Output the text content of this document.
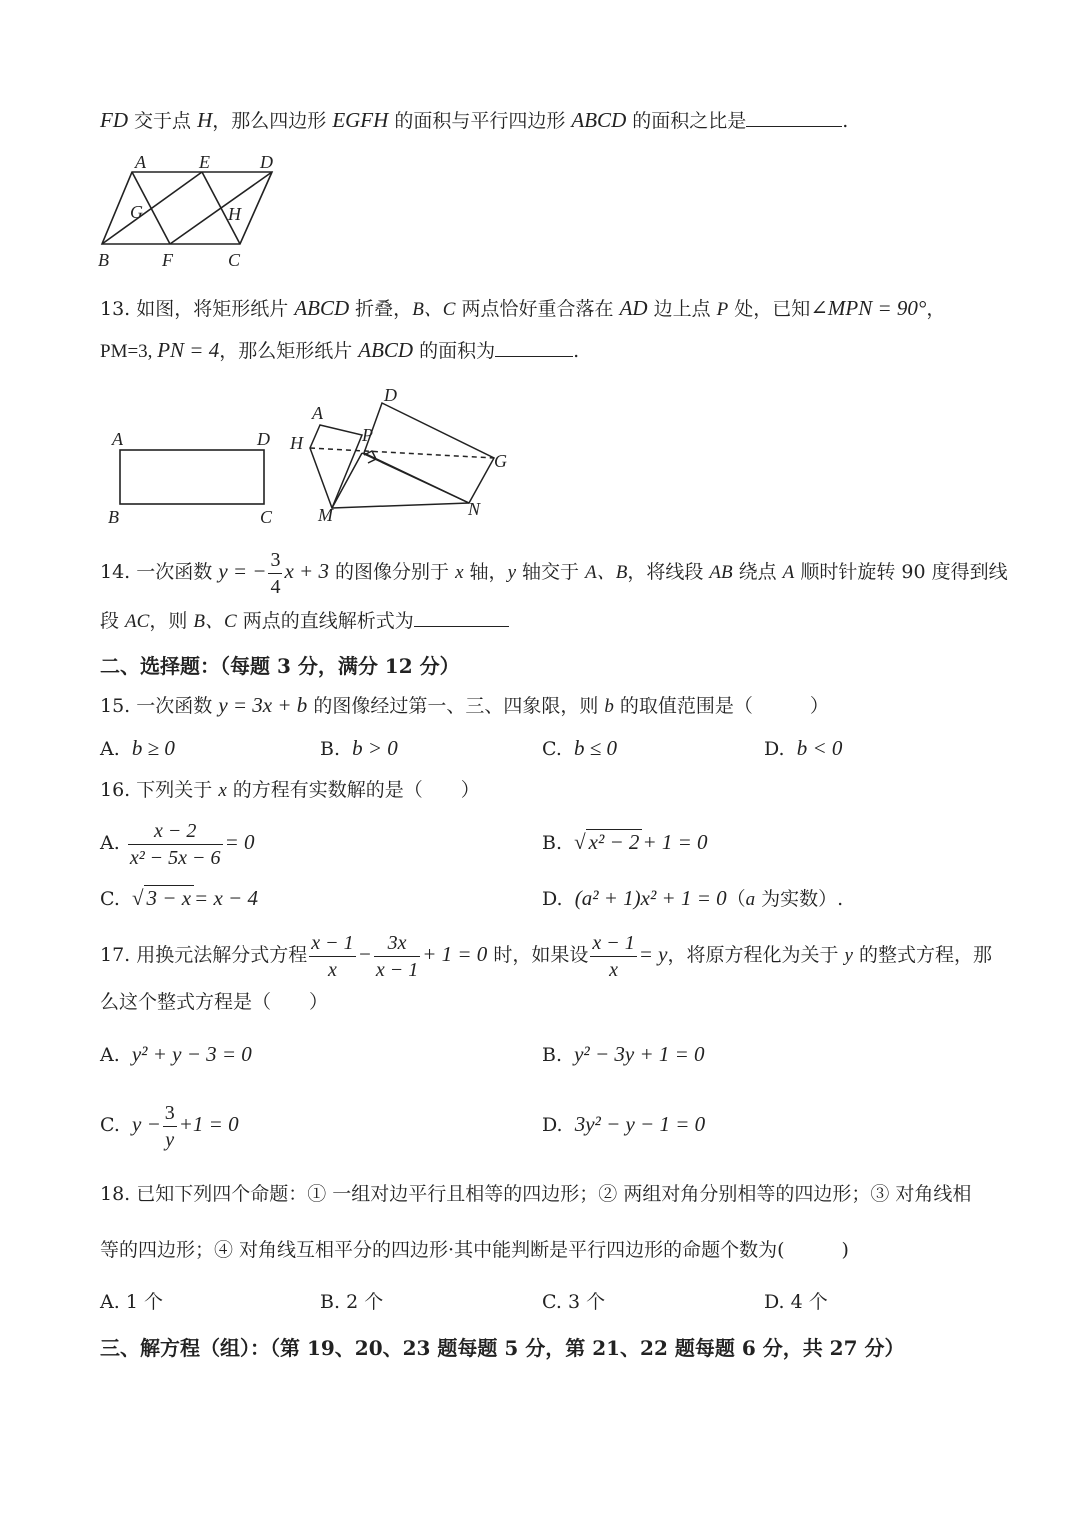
FD 交于点 H，那么四边形 EGFH 的面积与平行四边形 ABCD 的面积之比是	.
A	E	D
G	H
B	F	C
13. 如图，将矩形纸片 ABCD 折叠，B、C 两点恰好重合落在 AD 边上点 P 处，已知∠MPN = 90°，
PM=3, PN = 4，那么矩形纸片 ABCD 的面积为	.
A	D
B	C
D
A
P
H
G
M	N
14. 一次函数 y = − $\frac{3}{4}$ x + 3 的图像分别于 x 轴，y 轴交于 A、B，将线段 AB 绕点 A 顺时针旋转 90 度得到线
段 AC，则 B、C 两点的直线解析式为
二、选择题：（每题 3 分，满分 12 分）
15. 一次函数 y = 3x + b 的图像经过第一、三、四象限，则 b 的取值范围是（　　　）
A. b ≥ 0	B. b > 0	C. b ≤ 0	D. b < 0
16. 下列关于 x 的方程有实数解的是（　　）
A. $\frac{x - 2}{\text{x² − 5x − 6}} = 0$	B. √ x² − 2 + 1 = 0
C. √ 3 − x = x − 4	D. (a² + 1)x² + 1 = 0（a 为实数）.
17. 用换元法解分式方程 $\frac{x - 1}{x} - \frac{3x}{x - 1} + 1 = 0$ 时，如果设 $\frac{x - 1}{x} = y$，将原方程化为关于 y 的整式方程，那
么这个整式方程是（　　）
A. y² + y − 3 = 0	B. y² − 3y + 1 = 0
C. $y - \frac{3}{y} +1 = 0$	D. 3y² − y − 1 = 0
18. 已知下列四个命题：① 一组对边平行且相等的四边形；② 两组对角分别相等的四边形；③ 对角线相
等的四边形；④ 对角线互相平分的四边形·其中能判断是平行四边形的命题个数为(　　　)
A. 1 个	B. 2 个	C. 3 个	D. 4 个
三、解方程（组）：（第 19、20、23 题每题 5 分，第 21、22 题每题 6 分，共 27 分）
